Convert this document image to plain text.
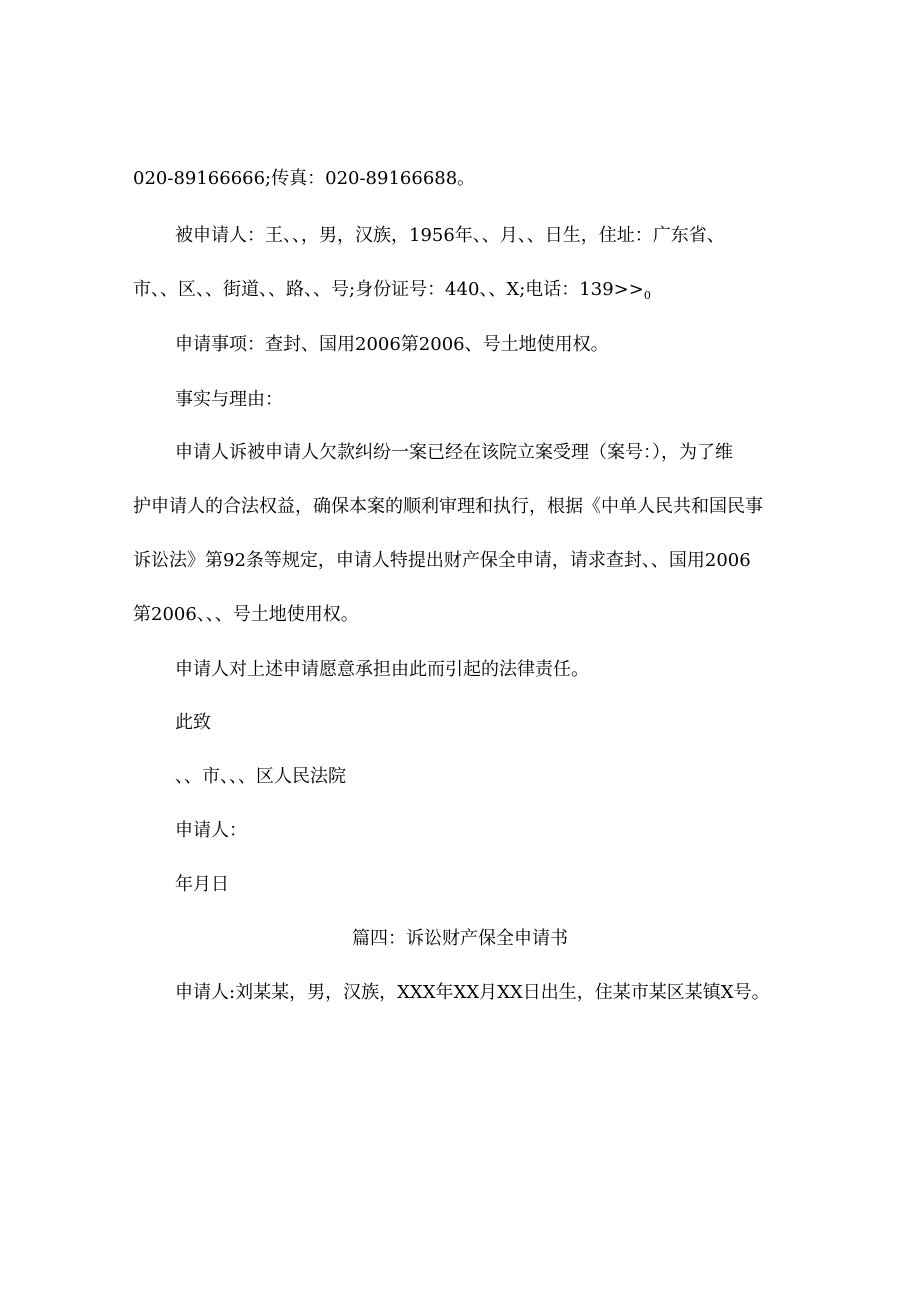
020-89166666;传真：020-89166688。
被申请人：王、、，男，汉族，1956年、、月、、日生，住址：广东省、
市、、区、、街道、、路、、号;身份证号：440、、X;电话：$139>>_0$
申请事项：查封、国用2006第2006、号土地使用权。
事实与理由：
申请人诉被申请人欠款纠纷一案已经在该院立案受理（案号：），为了维
护申请人的合法权益，确保本案的顺利审理和执行，根据《中单人民共和国民事
诉讼法》第92条等规定，申请人特提出财产保全申请，请求查封、、国用2006
第2006、、、号土地使用权。
申请人对上述申请愿意承担由此而引起的法律责任。
此致
、、市、、、区人民法院
申请人：
年月日
篇四：诉讼财产保全申请书
申请人:刘某某，男，汉族，XXX年XX月XX日出生，住某市某区某镇X号。
